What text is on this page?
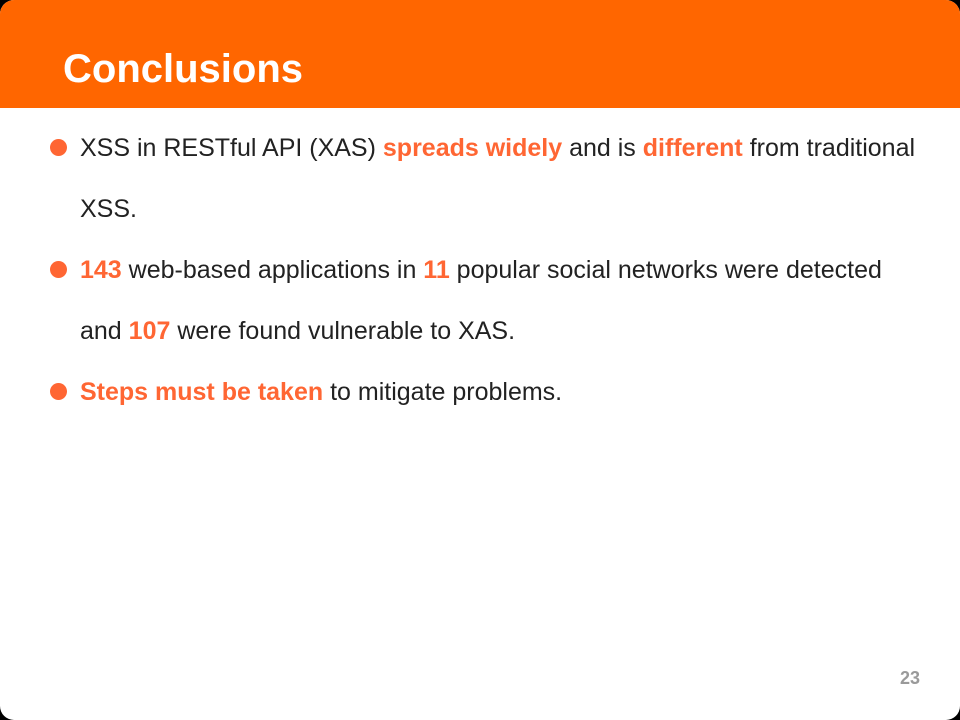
Conclusions
XSS in RESTful API (XAS) spreads widely and is different from traditional XSS.
143 web-based applications in 11 popular social networks were detected and 107 were found vulnerable to XAS.
Steps must be taken to mitigate problems.
23
